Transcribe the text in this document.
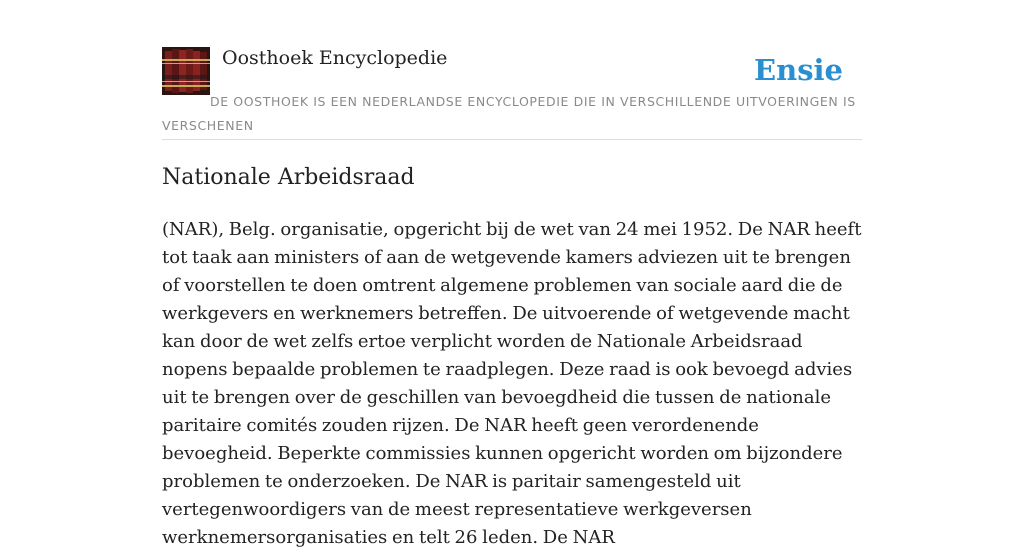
Oosthoek Encyclopedie	Ensie
DE OOSTHOEK IS EEN NEDERLANDSE ENCYCLOPEDIE DIE IN VERSCHILLENDE UITVOERINGEN IS VERSCHENEN
Nationale Arbeidsraad

(NAR), Belg. organisatie, opgericht bij de wet van 24 mei 1952. De NAR heeft tot taak aan ministers of aan de wetgevende kamers adviezen uit te brengen of voorstellen te doen omtrent algemene problemen van sociale aard die de werkgevers en werknemers betreffen. De uitvoerende of wetgevende macht kan door de wet zelfs ertoe verplicht worden de Nationale Arbeidsraad nopens bepaalde problemen te raadplegen. Deze raad is ook bevoegd advies uit te brengen over de geschillen van bevoegdheid die tussen de nationale paritaire comités zouden rijzen. De NAR heeft geen verordenende bevoegheid. Beperkte commissies kunnen opgericht worden om bijzondere problemen te onderzoeken. De NAR is paritair samengesteld uit vertegenwoordigers van de meest representatieve werkgeversen werknemersorganisaties en telt 26 leden. De NAR
